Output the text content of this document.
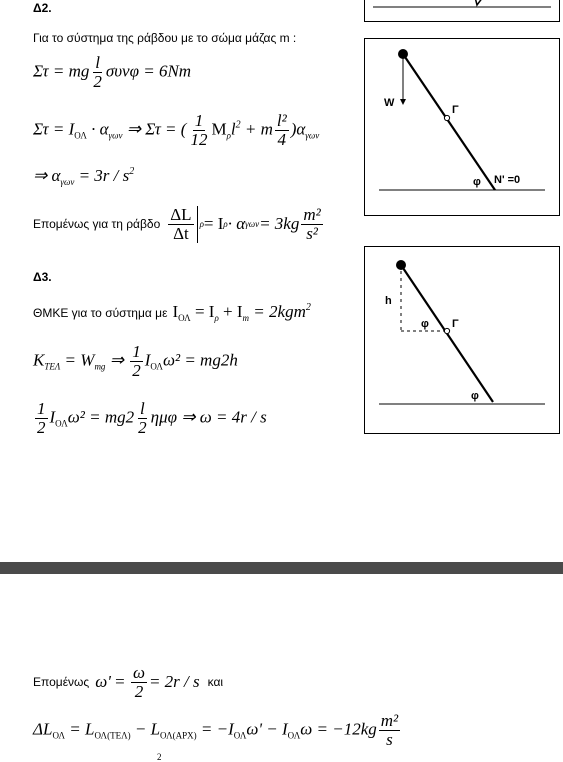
Δ2.
Για το σύστημα της ράβδου με το σώμα μάζας m :
Στ = mg $\frac{l}{2}$ συνφ = 6Nm
$\Sigma\tau = I_{O\Lambda} \cdot \alpha_{\gamma\omega\nu}$ ⇒ Στ = ( $\frac{1}{12} M_\rho l^2 + m \frac{\text{l²}}{4} )\alpha_{\gamma\omega\nu}$
⇒ $\alpha_{\gamma\omega\nu} = 3r / s^2$
Επομένως για τη ράβδο $\frac{\Delta L}{\Delta t}$ ρ = I ρ · α $\gamma\omega\nu = 3kg \frac{\text{m²}}{\text{s²}}$
W
Γ
φ N' =0
Δ3.
ΘΜΚΕ για το σύστημα με $I_{O\Lambda} = I_\rho + I_m = 2kgm^2$
$K_{TE\Lambda} = W_{mg}$ ⇒ $\frac{1}{2} I_{O\Lambda}\omega^2 = mg2h$
$\frac{1}{2} I_{O\Lambda}\omega^2 = mg2 \frac{l}{2}$ ημφ ⇒ ω = 4r / s
h
φ Γ
φ
Επομένως $\omega' = \frac{\omega}{2} = 2r / s$ και
$\Delta L_{O\Lambda} = L_{O\Lambda(TE\Lambda)} - L_{O\Lambda(APX)} = -I_{O\Lambda}\omega' - I_{O\Lambda}\omega = -12kg \frac{\text{m²}}{s}$
2
